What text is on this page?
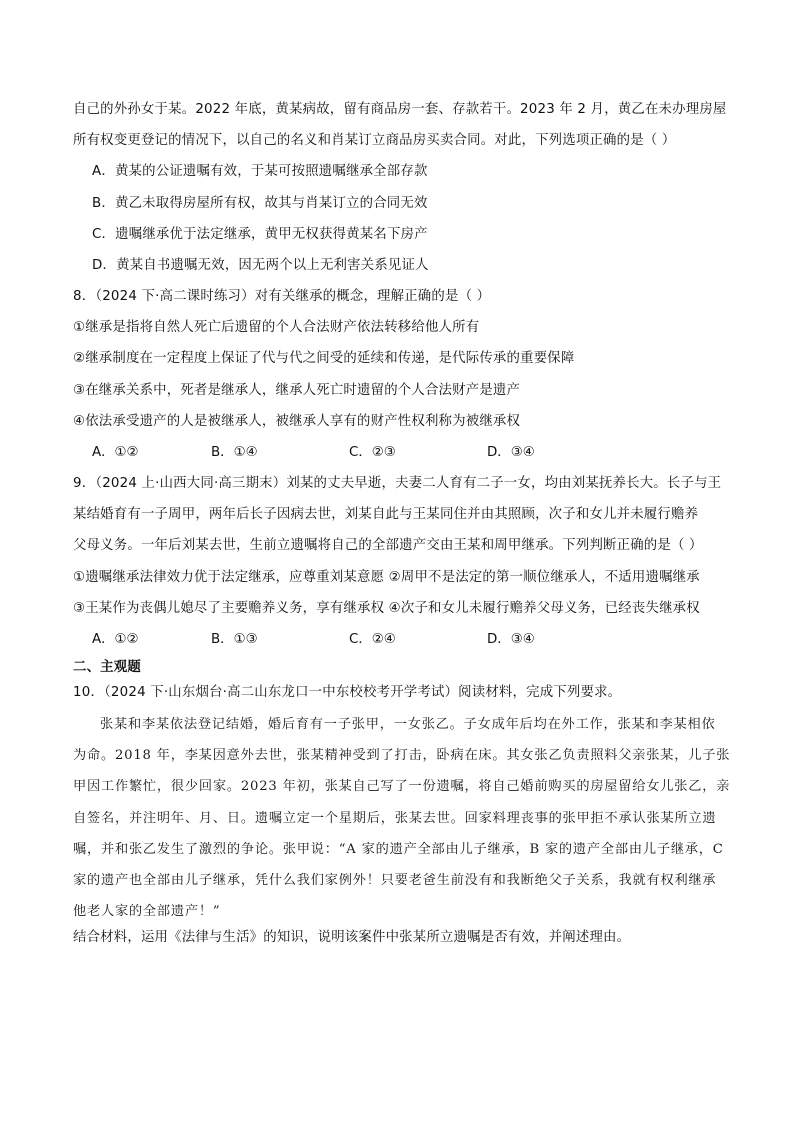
自己的外孙女于某。2022 年底，黄某病故，留有商品房一套、存款若干。2023 年 2 月，黄乙在未办理房屋
所有权变更登记的情况下，以自己的名义和肖某订立商品房买卖合同。对此，下列选项正确的是（ ）
A．黄某的公证遗嘱有效，于某可按照遗嘱继承全部存款
B．黄乙未取得房屋所有权，故其与肖某订立的合同无效
C．遗嘱继承优于法定继承，黄甲无权获得黄某名下房产
D．黄某自书遗嘱无效，因无两个以上无利害关系见证人
8．（2024 下·高二课时练习）对有关继承的概念，理解正确的是（ ）
①继承是指将自然人死亡后遗留的个人合法财产依法转移给他人所有
②继承制度在一定程度上保证了代与代之间受的延续和传递，是代际传承的重要保障
③在继承关系中，死者是继承人，继承人死亡时遗留的个人合法财产是遗产
④依法承受遗产的人是被继承人，被继承人享有的财产性权利称为被继承权
A．①②	B．①④	C．②③	D．③④
9．（2024 上·山西大同·高三期末）刘某的丈夫早逝，夫妻二人育有二子一女，均由刘某抚养长大。长子与王
某结婚育有一子周甲，两年后长子因病去世，刘某自此与王某同住并由其照顾，次子和女儿并未履行赡养
父母义务。一年后刘某去世，生前立遗嘱将自己的全部遗产交由王某和周甲继承。下列判断正确的是（ ）
①遗嘱继承法律效力优于法定继承，应尊重刘某意愿 ②周甲不是法定的第一顺位继承人，不适用遗嘱继承
③王某作为丧偶儿媳尽了主要赡养义务，享有继承权 ④次子和女儿未履行赡养父母义务，已经丧失继承权
A．①②	B．①③	C．②④	D．③④
二、主观题
10．（2024 下·山东烟台·高二山东龙口一中东校校考开学考试）阅读材料，完成下列要求。
张某和李某依法登记结婚，婚后育有一子张甲，一女张乙。子女成年后均在外工作，张某和李某相依
为命。2018 年，李某因意外去世，张某精神受到了打击，卧病在床。其女张乙负责照料父亲张某，儿子张
甲因工作繁忙，很少回家。2023 年初，张某自己写了一份遗嘱，将自己婚前购买的房屋留给女儿张乙，亲
自签名，并注明年、月、日。遗嘱立定一个星期后，张某去世。回家料理丧事的张甲拒不承认张某所立遗
嘱，并和张乙发生了激烈的争论。张甲说：“A 家的遗产全部由儿子继承，B 家的遗产全部由儿子继承，C
家的遗产也全部由儿子继承，凭什么我们家例外！只要老爸生前没有和我断绝父子关系，我就有权利继承
他老人家的全部遗产！”
结合材料，运用《法律与生活》的知识，说明该案件中张某所立遗嘱是否有效，并阐述理由。
